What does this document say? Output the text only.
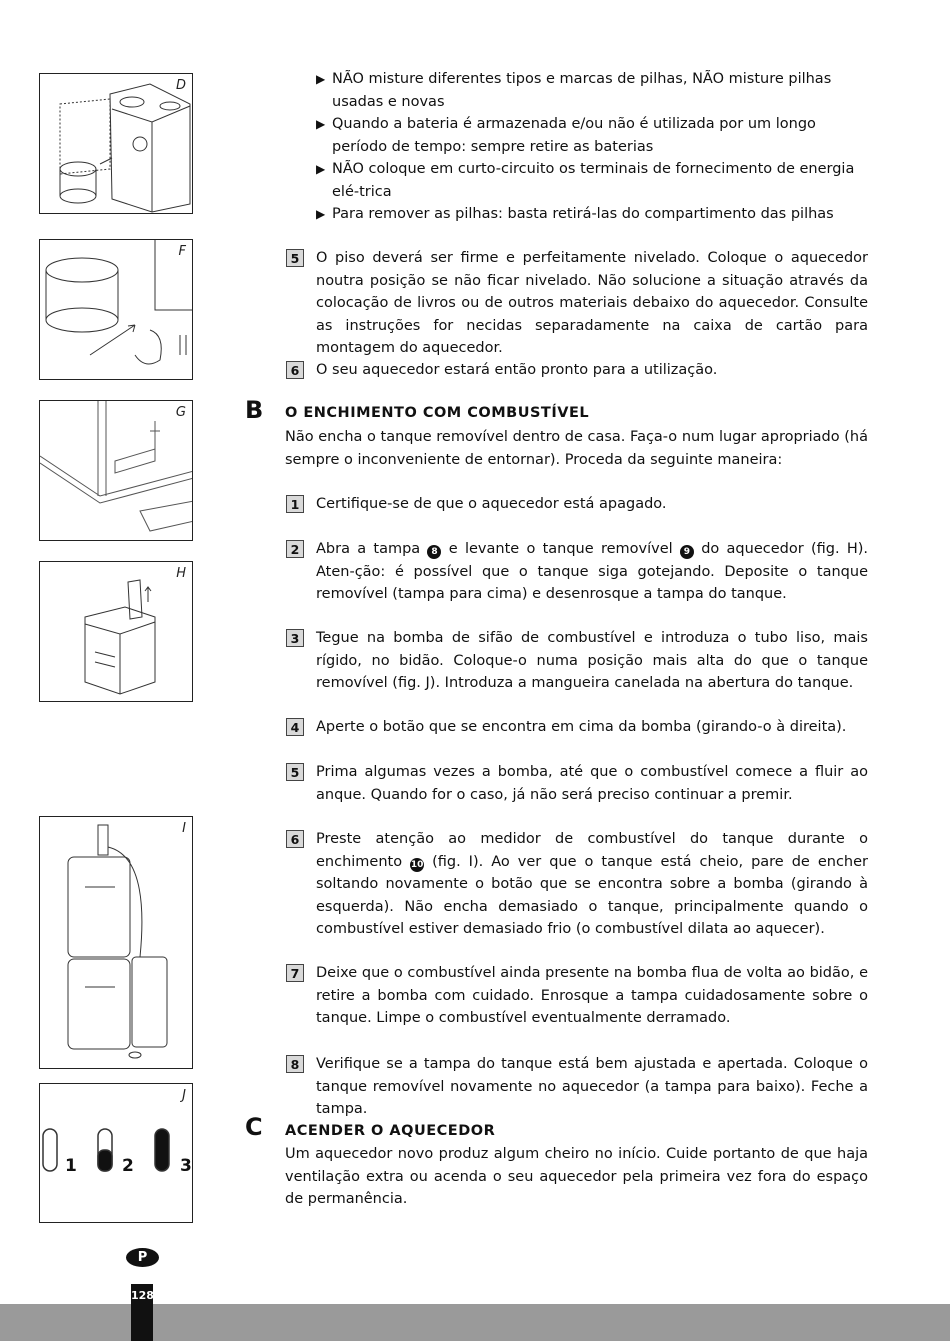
D
F
G
H
I
J
1	2	3
▶ NÃO misture diferentes tipos e marcas de pilhas, NÃO misture pilhas usadas e novas
▶ Quando a bateria é armazenada e/ou não é utilizada por um longo período de tempo: sempre retire as baterias
▶ NÃO coloque em curto-circuito os terminais de fornecimento de energia elé-trica
▶ Para remover as pilhas: basta retirá-las do compartimento das pilhas
5	O piso deverá ser firme e perfeitamente nivelado. Coloque o aquecedor noutra posição se não ficar nivelado. Não solucione a situação através da colocação de livros ou de outros materiais debaixo do aquecedor. Consulte as instruções for necidas separadamente na caixa de cartão para montagem do aquecedor.
6	O seu aquecedor estará então pronto para a utilização.
B O ENCHIMENTO COM COMBUSTÍVEL
Não encha o tanque removível dentro de casa. Faça-o num lugar apropriado (há sempre o inconveniente de entornar). Proceda da seguinte maneira:
1	Certifique-se de que o aquecedor está apagado.
2	Abra a tampa 8 e levante o tanque removível 9 do aquecedor (fig. H). Aten-ção: é possível que o tanque siga gotejando. Deposite o tanque removível (tampa para cima) e desenrosque a tampa do tanque.
3	Tegue na bomba de sifão de combustível e introduza o tubo liso, mais rígido, no bidão. Coloque-o numa posição mais alta do que o tanque removível (fig. J). Introduza a mangueira canelada na abertura do tanque.
4	Aperte o botão que se encontra em cima da bomba (girando-o à direita).
5	Prima algumas vezes a bomba, até que o combustível comece a fluir ao anque. Quando for o caso, já não será preciso continuar a premir.
6	Preste atenção ao medidor de combustível do tanque durante o enchimento 10 (fig. I). Ao ver que o tanque está cheio, pare de encher soltando novamente o botão que se encontra sobre a bomba (girando à esquerda). Não encha demasiado o tanque, principalmente quando o combustível estiver demasiado frio (o combustível dilata ao aquecer).
7	Deixe que o combustível ainda presente na bomba flua de volta ao bidão, e retire a bomba com cuidado. Enrosque a tampa cuidadosamente sobre o tanque. Limpe o combustível eventualmente derramado.
8	Verifique se a tampa do tanque está bem ajustada e apertada. Coloque o tanque removível novamente no aquecedor (a tampa para baixo). Feche a tampa.
C ACENDER O AQUECEDOR
Um aquecedor novo produz algum cheiro no início. Cuide portanto de que haja ventilação extra ou acenda o seu aquecedor pela primeira vez fora do espaço de permanência.
P
128
